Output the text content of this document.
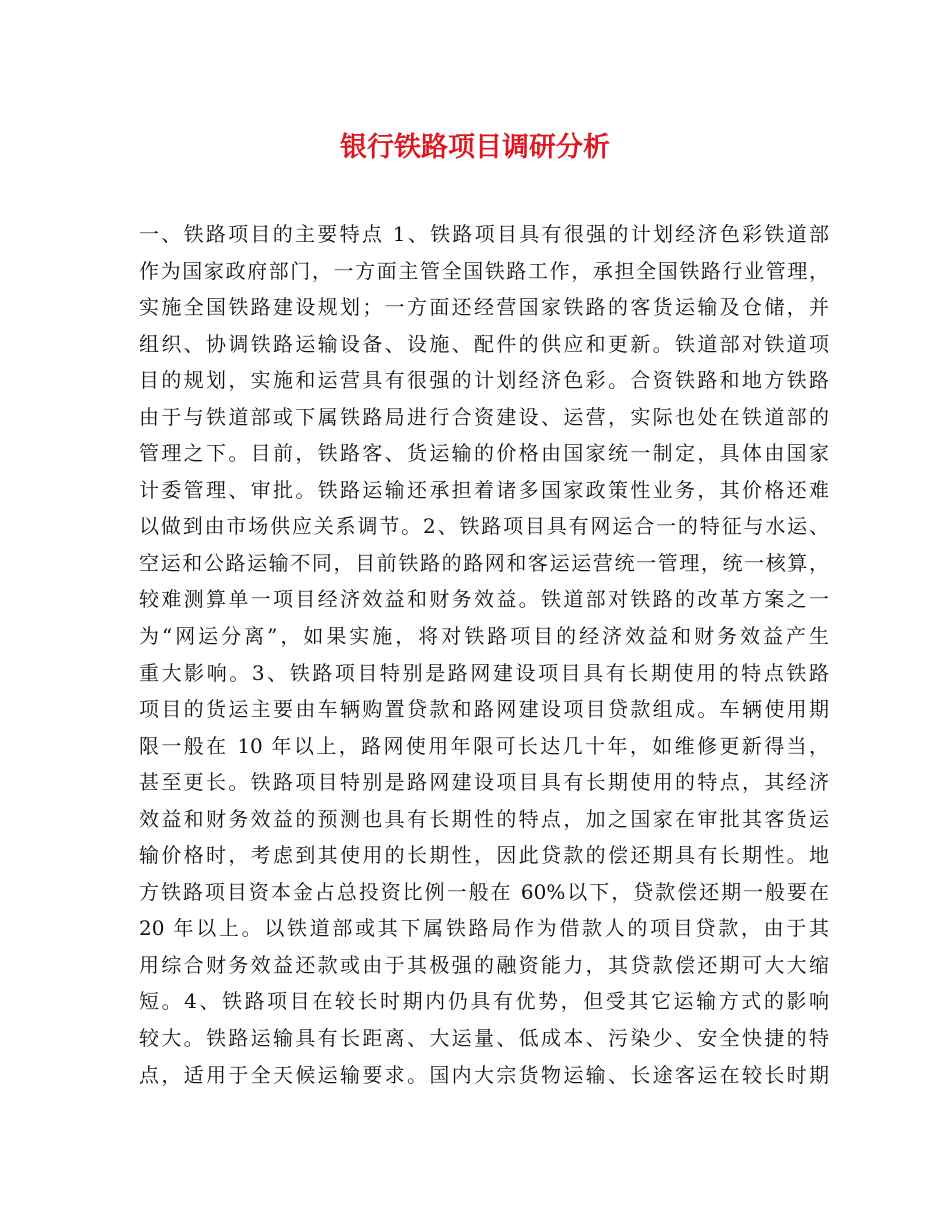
银行铁路项目调研分析
一、铁路项目的主要特点 1、铁路项目具有很强的计划经济色彩铁道部
作为国家政府部门，一方面主管全国铁路工作，承担全国铁路行业管理，
实施全国铁路建设规划；一方面还经营国家铁路的客货运输及仓储，并
组织、协调铁路运输设备、设施、配件的供应和更新。铁道部对铁道项
目的规划，实施和运营具有很强的计划经济色彩。合资铁路和地方铁路
由于与铁道部或下属铁路局进行合资建设、运营，实际也处在铁道部的
管理之下。目前，铁路客、货运输的价格由国家统一制定，具体由国家
计委管理、审批。铁路运输还承担着诸多国家政策性业务，其价格还难
以做到由市场供应关系调节。2、铁路项目具有网运合一的特征与水运、
空运和公路运输不同，目前铁路的路网和客运运营统一管理，统一核算，
较难测算单一项目经济效益和财务效益。铁道部对铁路的改革方案之一
为“网运分离”，如果实施，将对铁路项目的经济效益和财务效益产生
重大影响。3、铁路项目特别是路网建设项目具有长期使用的特点铁路
项目的货运主要由车辆购置贷款和路网建设项目贷款组成。车辆使用期
限一般在 10 年以上，路网使用年限可长达几十年，如维修更新得当，
甚至更长。铁路项目特别是路网建设项目具有长期使用的特点，其经济
效益和财务效益的预测也具有长期性的特点，加之国家在审批其客货运
输价格时，考虑到其使用的长期性，因此贷款的偿还期具有长期性。地
方铁路项目资本金占总投资比例一般在 60%以下，贷款偿还期一般要在
20 年以上。以铁道部或其下属铁路局作为借款人的项目贷款，由于其
用综合财务效益还款或由于其极强的融资能力，其贷款偿还期可大大缩
短。4、铁路项目在较长时期内仍具有优势，但受其它运输方式的影响
较大。铁路运输具有长距离、大运量、低成本、污染少、安全快捷的特
点，适用于全天候运输要求。国内大宗货物运输、长途客运在较长时期
